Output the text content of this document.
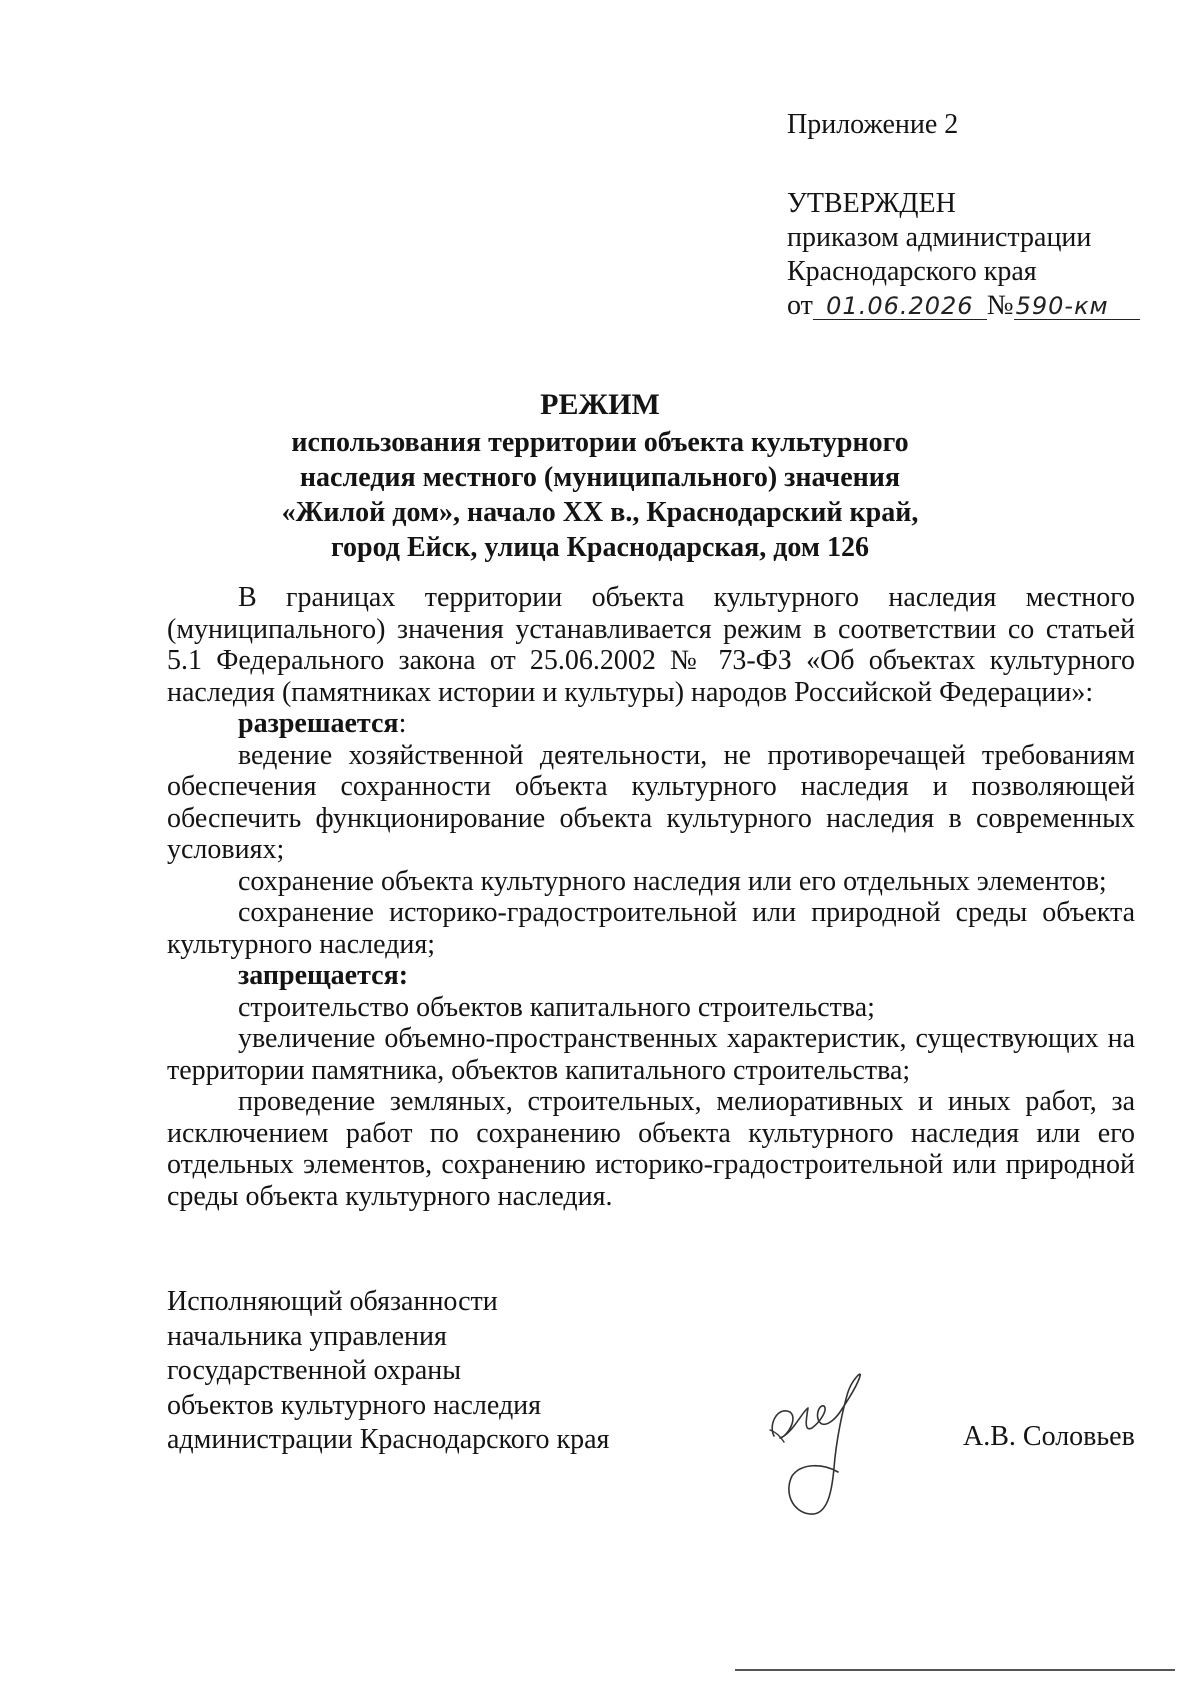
Приложение 2
УТВЕРЖДЕН
приказом администрации
Краснодарского края
от 01.06.2026 №590-км
РЕЖИМ
использования территории объекта культурного
наследия местного (муниципального) значения
«Жилой дом», начало XX в., Краснодарский край,
город Ейск, улица Краснодарская, дом 126

В границах территории объекта культурного наследия местного (муниципального) значения устанавливается режим в соответствии со статьей 5.1 Федерального закона от 25.06.2002 № 73-ФЗ «Об объектах культурного наследия (памятниках истории и культуры) народов Российской Федерации»:

разрешается:

ведение хозяйственной деятельности, не противоречащей требованиям обеспечения сохранности объекта культурного наследия и позволяющей обеспечить функционирование объекта культурного наследия в современных условиях;

сохранение объекта культурного наследия или его отдельных элементов;

сохранение историко-градостроительной или природной среды объекта культурного наследия;

запрещается:

строительство объектов капитального строительства;

увеличение объемно-пространственных характеристик, существующих на территории памятника, объектов капитального строительства;

проведение земляных, строительных, мелиоративных и иных работ, за исключением работ по сохранению объекта культурного наследия или его отдельных элементов, сохранению историко-градостроительной или природной среды объекта культурного наследия.

Исполняющий обязанности
начальника управления
государственной охраны
объектов культурного наследия
администрации Краснодарского края	А.В. Соловьев
